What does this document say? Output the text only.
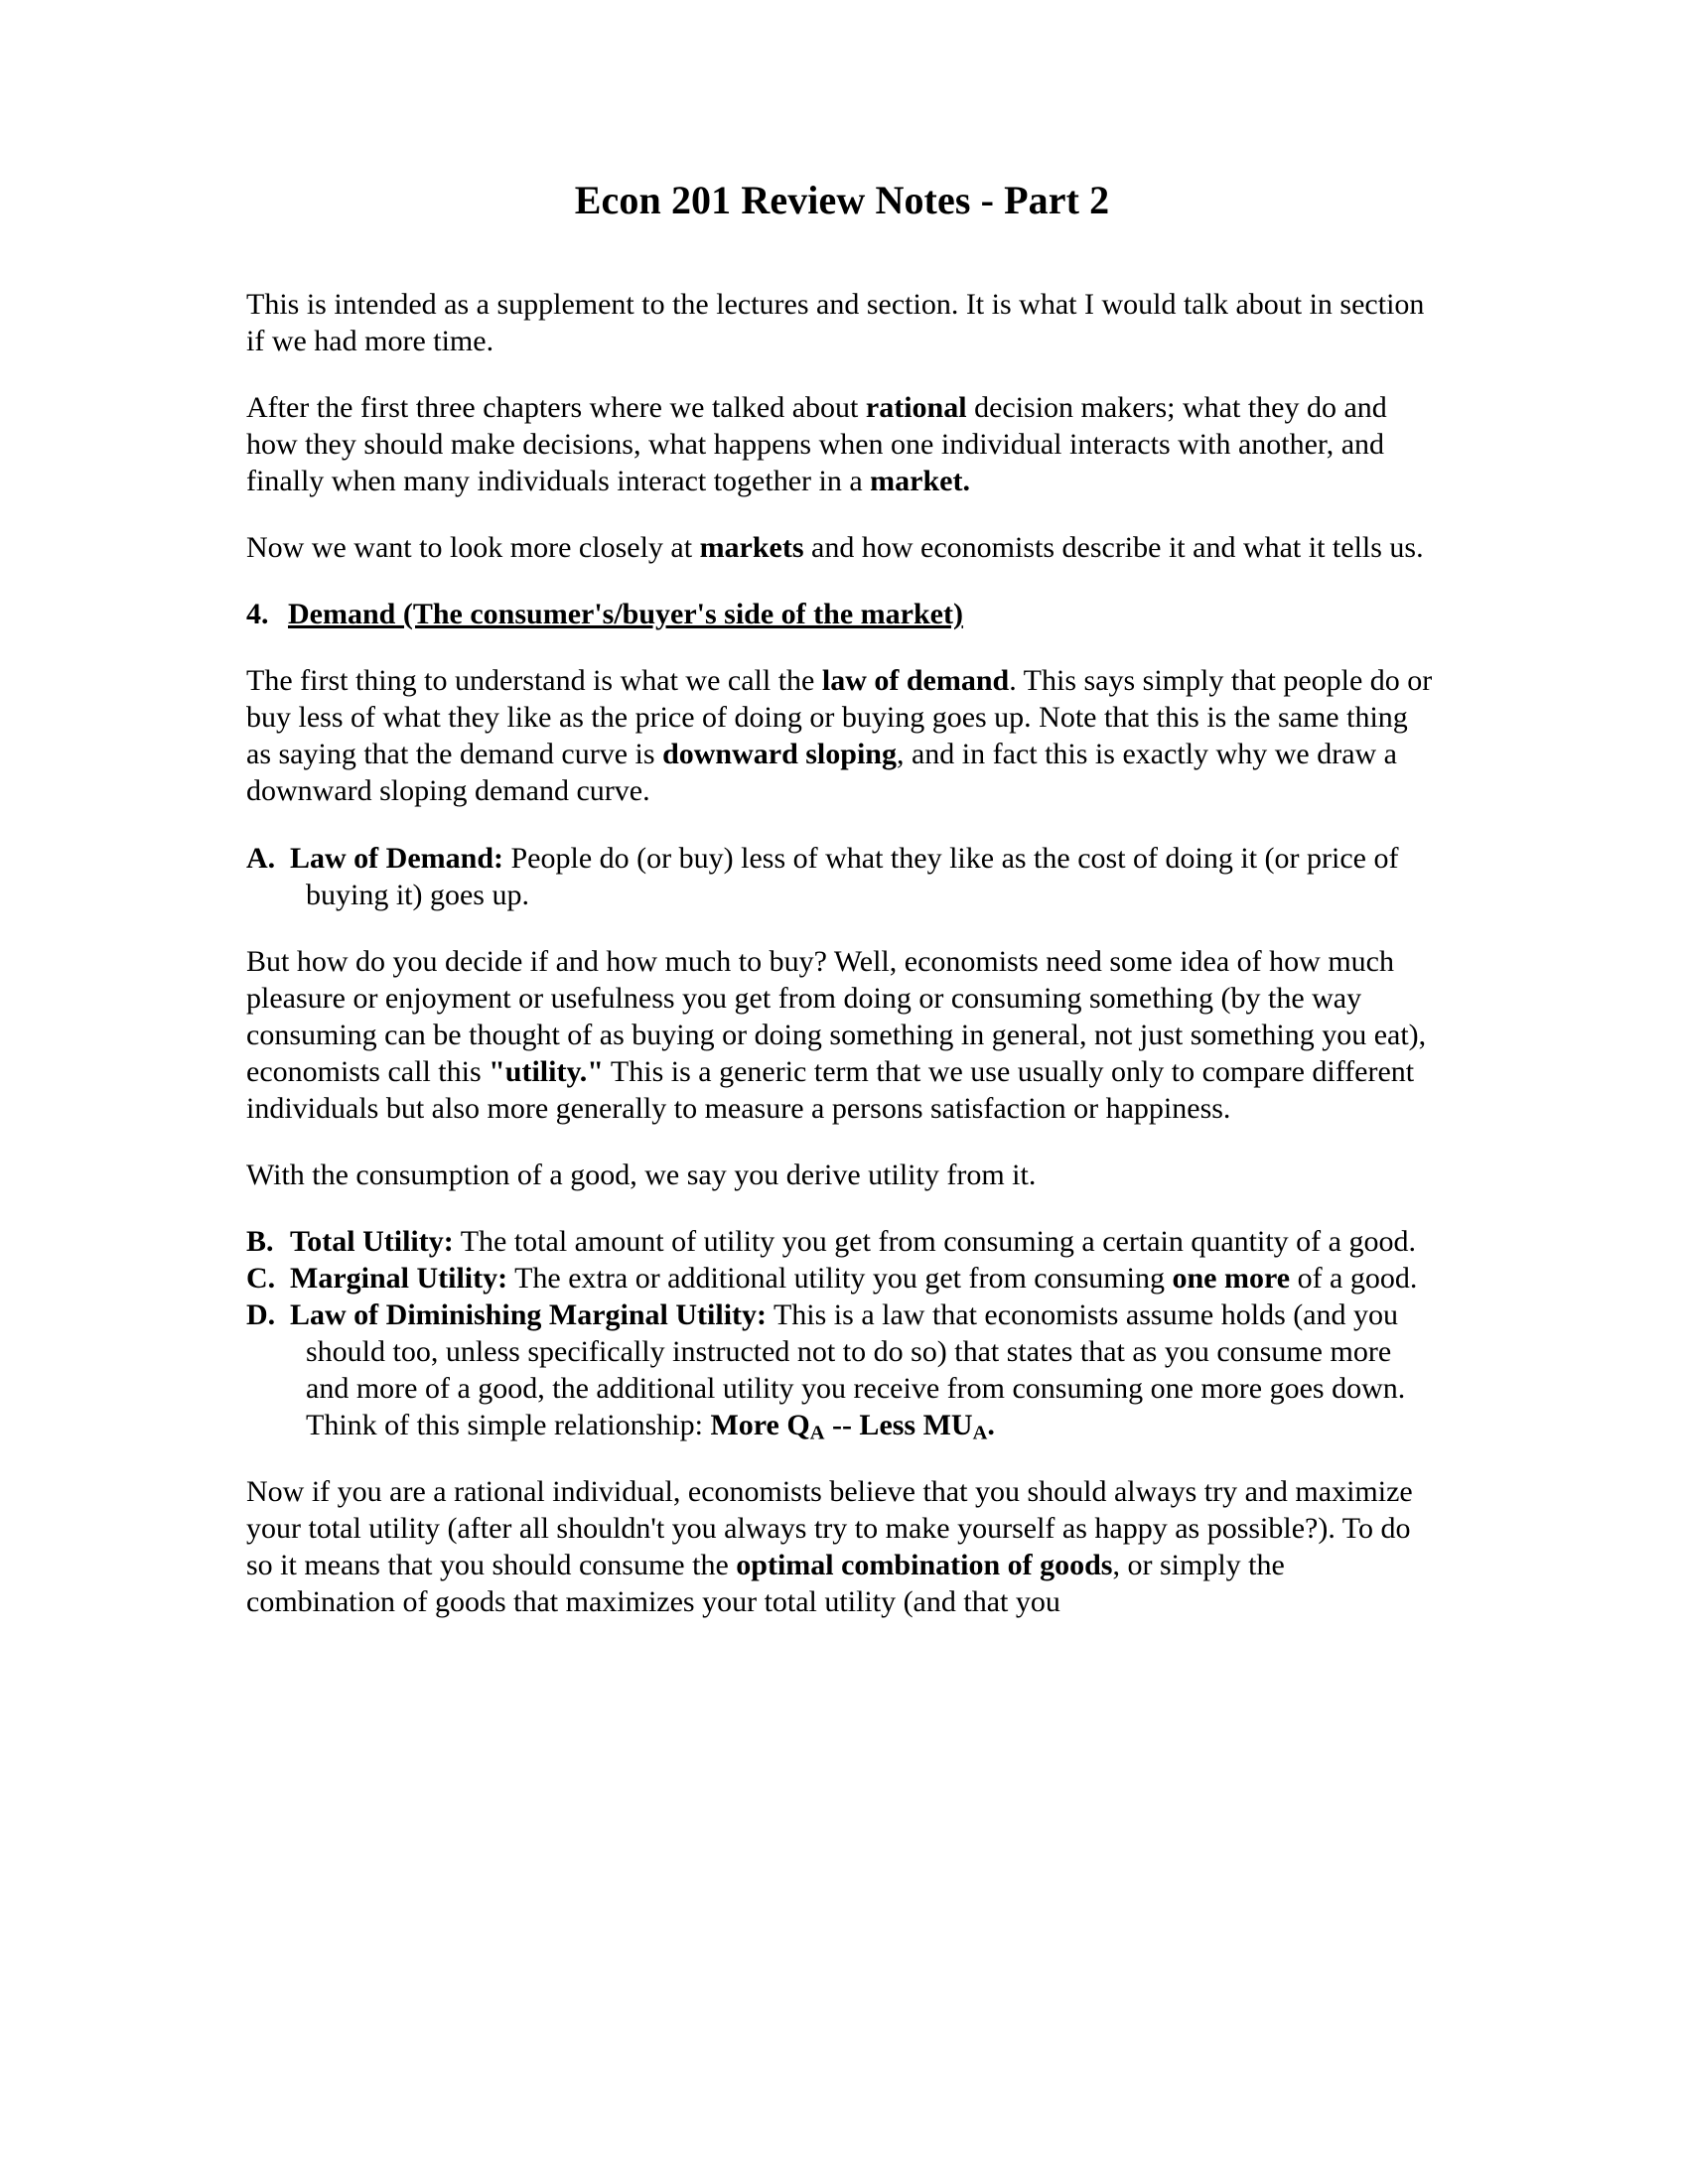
Econ 201 Review Notes - Part 2

This is intended as a supplement to the lectures and section. It is what I would talk about in section if we had more time.

After the first three chapters where we talked about rational decision makers; what they do and how they should make decisions, what happens when one individual interacts with another, and finally when many individuals interact together in a market.

Now we want to look more closely at markets and how economists describe it and what it tells us.

4. Demand (The consumer's/buyer's side of the market)

The first thing to understand is what we call the law of demand. This says simply that people do or buy less of what they like as the price of doing or buying goes up. Note that this is the same thing as saying that the demand curve is downward sloping, and in fact this is exactly why we draw a downward sloping demand curve.

A. Law of Demand: People do (or buy) less of what they like as the cost of doing it (or price of buying it) goes up.

But how do you decide if and how much to buy? Well, economists need some idea of how much pleasure or enjoyment or usefulness you get from doing or consuming something (by the way consuming can be thought of as buying or doing something in general, not just something you eat), economists call this "utility." This is a generic term that we use usually only to compare different individuals but also more generally to measure a persons satisfaction or happiness.

With the consumption of a good, we say you derive utility from it.

B. Total Utility: The total amount of utility you get from consuming a certain quantity of a good.
C. Marginal Utility: The extra or additional utility you get from consuming one more of a good.
D. Law of Diminishing Marginal Utility: This is a law that economists assume holds (and you should too, unless specifically instructed not to do so) that states that as you consume more and more of a good, the additional utility you receive from consuming one more goes down. Think of this simple relationship: More $Q_A$ -- Less $MU_A$.

Now if you are a rational individual, economists believe that you should always try and maximize your total utility (after all shouldn't you always try to make yourself as happy as possible?). To do so it means that you should consume the optimal combination of goods, or simply the combination of goods that maximizes your total utility (and that you
